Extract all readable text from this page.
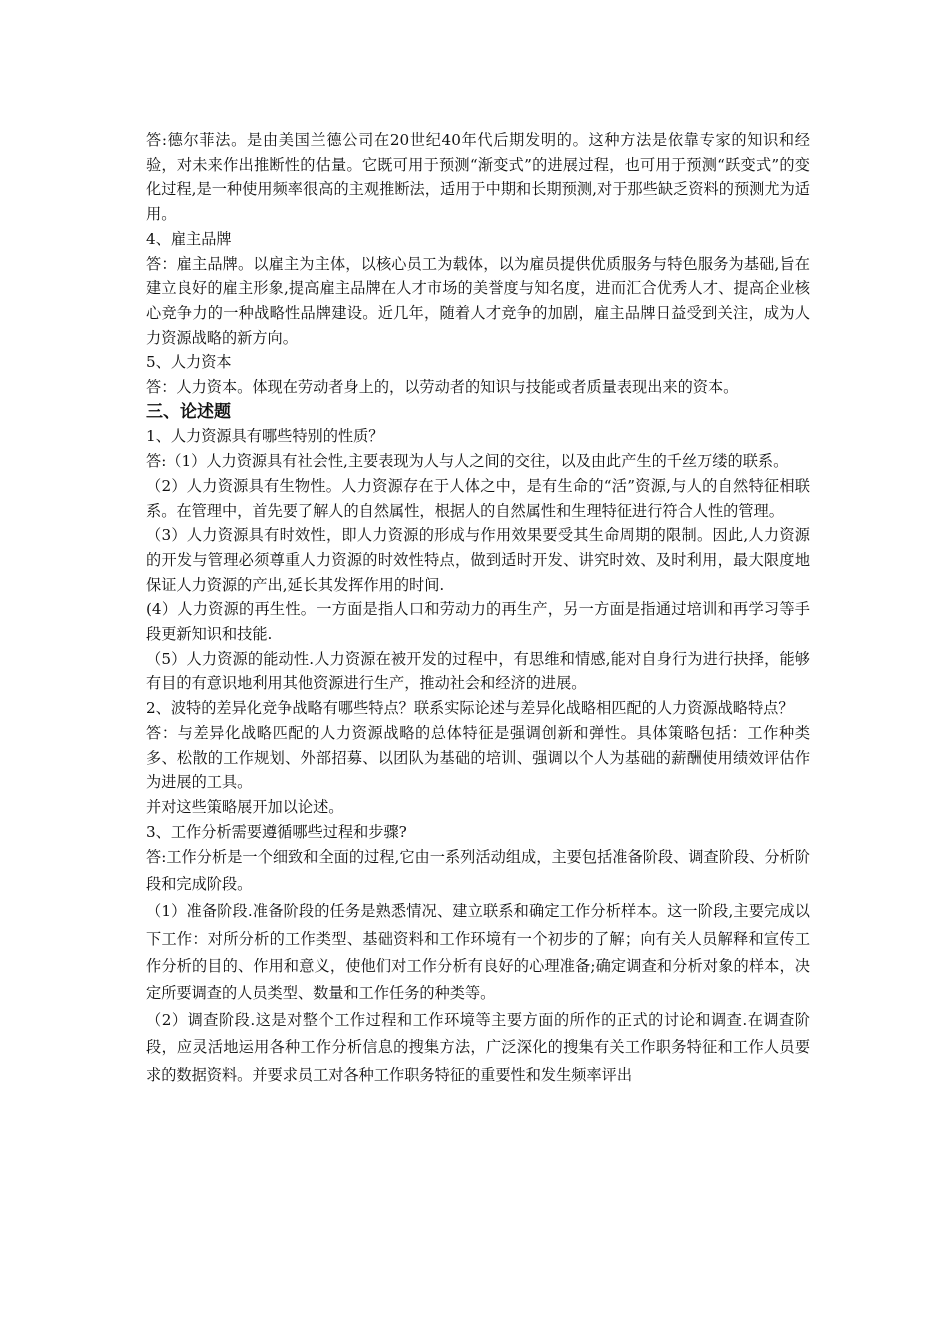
答:德尔菲法。是由美国兰德公司在20世纪40年代后期发明的。这种方法是依靠专家的知识和经验，对未来作出推断性的估量。它既可用于预测“渐变式”的进展过程，也可用于预测“跃变式”的变化过程,是一种使用频率很高的主观推断法，适用于中期和长期预测,对于那些缺乏资料的预测尤为适用。

4、雇主品牌

答：雇主品牌。以雇主为主体，以核心员工为载体，以为雇员提供优质服务与特色服务为基础,旨在建立良好的雇主形象,提高雇主品牌在人才市场的美誉度与知名度，进而汇合优秀人才、提高企业核心竞争力的一种战略性品牌建设。近几年，随着人才竞争的加剧，雇主品牌日益受到关注，成为人力资源战略的新方向。

5、人力资本

答：人力资本。体现在劳动者身上的，以劳动者的知识与技能或者质量表现出来的资本。

三、论述题

1、人力资源具有哪些特别的性质？

答:（1）人力资源具有社会性,主要表现为人与人之间的交往，以及由此产生的千丝万缕的联系。

（2）人力资源具有生物性。人力资源存在于人体之中，是有生命的“活”资源,与人的自然特征相联系。在管理中，首先要了解人的自然属性，根据人的自然属性和生理特征进行符合人性的管理。

（3）人力资源具有时效性，即人力资源的形成与作用效果要受其生命周期的限制。因此,人力资源的开发与管理必须尊重人力资源的时效性特点，做到适时开发、讲究时效、及时利用，最大限度地保证人力资源的产出,延长其发挥作用的时间.

(4）人力资源的再生性。一方面是指人口和劳动力的再生产，另一方面是指通过培训和再学习等手段更新知识和技能.

（5）人力资源的能动性.人力资源在被开发的过程中，有思维和情感,能对自身行为进行抉择，能够有目的有意识地利用其他资源进行生产，推动社会和经济的进展。

2、波特的差异化竞争战略有哪些特点？联系实际论述与差异化战略相匹配的人力资源战略特点？

答：与差异化战略匹配的人力资源战略的总体特征是强调创新和弹性。具体策略包括：工作种类多、松散的工作规划、外部招募、以团队为基础的培训、强调以个人为基础的薪酬使用绩效评估作为进展的工具。

并对这些策略展开加以论述。

3、工作分析需要遵循哪些过程和步骤?

答:工作分析是一个细致和全面的过程,它由一系列活动组成，主要包括准备阶段、调查阶段、分析阶段和完成阶段。

（1）准备阶段.准备阶段的任务是熟悉情况、建立联系和确定工作分析样本。这一阶段,主要完成以下工作：对所分析的工作类型、基础资料和工作环境有一个初步的了解；向有关人员解释和宣传工作分析的目的、作用和意义，使他们对工作分析有良好的心理准备;确定调查和分析对象的样本，决定所要调查的人员类型、数量和工作任务的种类等。

（2）调查阶段.这是对整个工作过程和工作环境等主要方面的所作的正式的讨论和调查.在调查阶段，应灵活地运用各种工作分析信息的搜集方法，广泛深化的搜集有关工作职务特征和工作人员要求的数据资料。并要求员工对各种工作职务特征的重要性和发生频率评出
